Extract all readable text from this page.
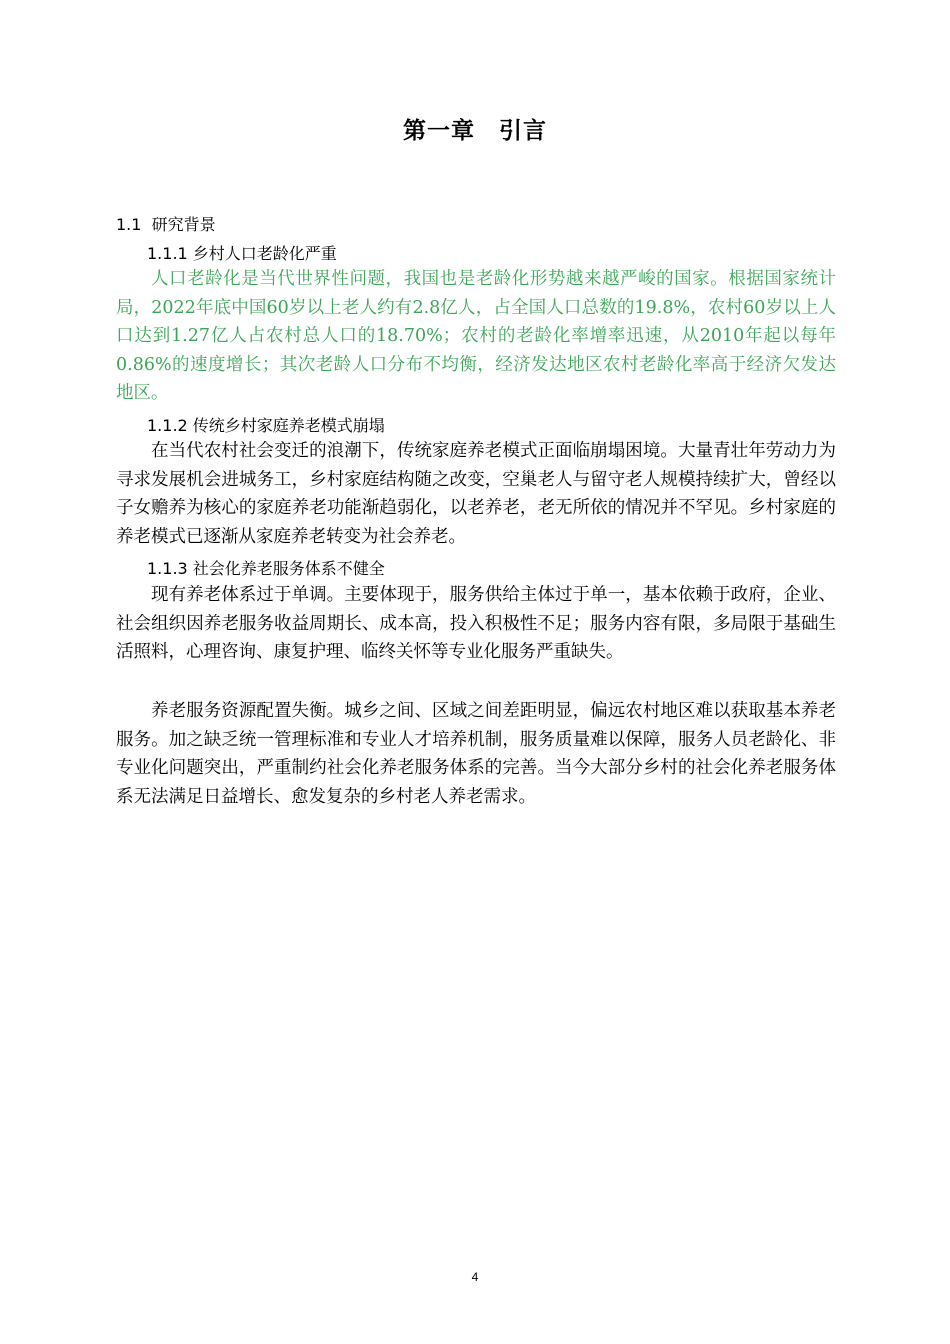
第一章　引言
1.1  研究背景
1.1.1 乡村人口老龄化严重

人口老龄化是当代世界性问题，我国也是老龄化形势越来越严峻的国家。根据国家统计局，2022年底中国60岁以上老人约有2.8亿人，占全国人口总数的19.8%，农村60岁以上人口达到1.27亿人占农村总人口的18.70%；农村的老龄化率增率迅速，从2010年起以每年0.86%的速度增长；其次老龄人口分布不均衡，经济发达地区农村老龄化率高于经济欠发达地区。

1.1.2 传统乡村家庭养老模式崩塌

在当代农村社会变迁的浪潮下，传统家庭养老模式正面临崩塌困境。大量青壮年劳动力为寻求发展机会进城务工，乡村家庭结构随之改变，空巢老人与留守老人规模持续扩大，曾经以子女赡养为核心的家庭养老功能渐趋弱化，以老养老，老无所依的情况并不罕见。乡村家庭的养老模式已逐渐从家庭养老转变为社会养老。

1.1.3 社会化养老服务体系不健全

现有养老体系过于单调。主要体现于，服务供给主体过于单一，基本依赖于政府，企业、社会组织因养老服务收益周期长、成本高，投入积极性不足；服务内容有限，多局限于基础生活照料，心理咨询、康复护理、临终关怀等专业化服务严重缺失。

养老服务资源配置失衡。城乡之间、区域之间差距明显，偏远农村地区难以获取基本养老服务。加之缺乏统一管理标准和专业人才培养机制，服务质量难以保障，服务人员老龄化、非专业化问题突出，严重制约社会化养老服务体系的完善。当今大部分乡村的社会化养老服务体系无法满足日益增长、愈发复杂的乡村老人养老需求。

4
